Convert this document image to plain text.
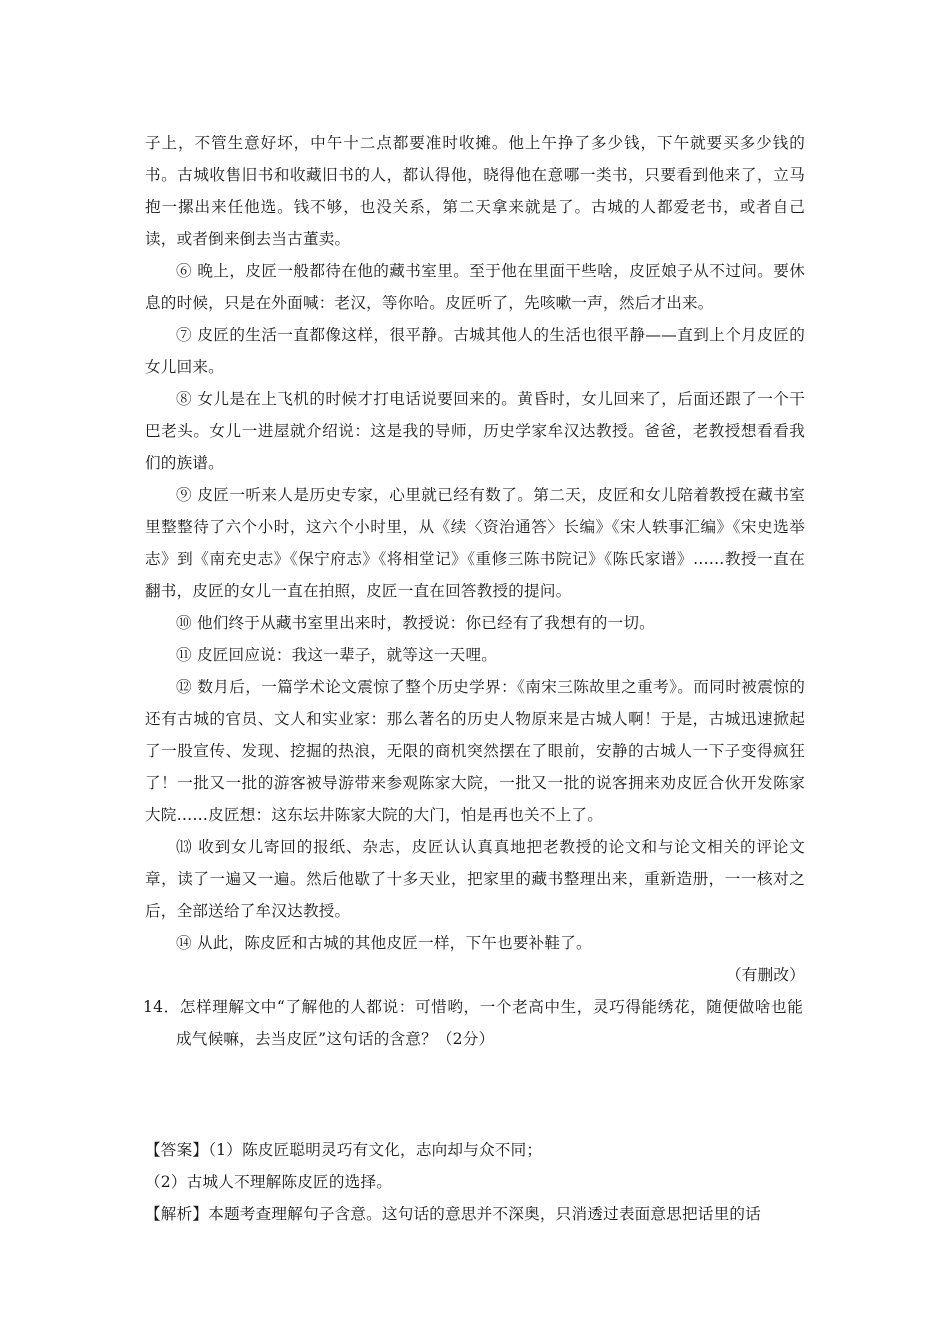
子上，不管生意好坏，中午十二点都要准时收摊。他上午挣了多少钱，下午就要买多少钱的书。古城收售旧书和收藏旧书的人，都认得他，晓得他在意哪一类书，只要看到他来了，立马抱一摞出来任他选。钱不够，也没关系，第二天拿来就是了。古城的人都爱老书，或者自己读，或者倒来倒去当古董卖。

⑥ 晚上，皮匠一般都待在他的藏书室里。至于他在里面干些啥，皮匠娘子从不过问。要休息的时候，只是在外面喊：老汉，等你哈。皮匠听了，先咳嗽一声，然后才出来。

⑦ 皮匠的生活一直都像这样，很平静。古城其他人的生活也很平静——直到上个月皮匠的女儿回来。

⑧ 女儿是在上飞机的时候才打电话说要回来的。黄昏时，女儿回来了，后面还跟了一个干巴老头。女儿一进屋就介绍说：这是我的导师，历史学家牟汉达教授。爸爸，老教授想看看我们的族谱。

⑨ 皮匠一听来人是历史专家，心里就已经有数了。第二天，皮匠和女儿陪着教授在藏书室里整整待了六个小时，这六个小时里，从《续〈资治通答〉长编》《宋人轶事汇编》《宋史选举志》到《南充史志》《保宁府志》《将相堂记》《重修三陈书院记》《陈氏家谱》……教授一直在翻书，皮匠的女儿一直在拍照，皮匠一直在回答教授的提问。

⑩ 他们终于从藏书室里出来时，教授说：你已经有了我想有的一切。

⑪ 皮匠回应说：我这一辈子，就等这一天哩。

⑫ 数月后，一篇学术论文震惊了整个历史学界：《南宋三陈故里之重考》。而同时被震惊的还有古城的官员、文人和实业家：那么著名的历史人物原来是古城人啊！于是，古城迅速掀起了一股宣传、发现、挖掘的热浪，无限的商机突然摆在了眼前，安静的古城人一下子变得疯狂了！一批又一批的游客被导游带来参观陈家大院，一批又一批的说客拥来劝皮匠合伙开发陈家大院……皮匠想：这东坛井陈家大院的大门，怕是再也关不上了。

⒀ 收到女儿寄回的报纸、杂志，皮匠认认真真地把老教授的论文和与论文相关的评论文章，读了一遍又一遍。然后他歇了十多天业，把家里的藏书整理出来，重新造册，一一核对之后，全部送给了牟汉达教授。

⑭ 从此，陈皮匠和古城的其他皮匠一样，下午也要补鞋了。

（有删改）

14．怎样理解文中“了解他的人都说：可惜哟，一个老高中生，灵巧得能绣花，随便做啥也能成气候嘛，去当皮匠”这句话的含意？（2分）

【答案】（1）陈皮匠聪明灵巧有文化，志向却与众不同；

（2）古城人不理解陈皮匠的选择。

【解析】本题考查理解句子含意。这句话的意思并不深奥，只消透过表面意思把话里的话
